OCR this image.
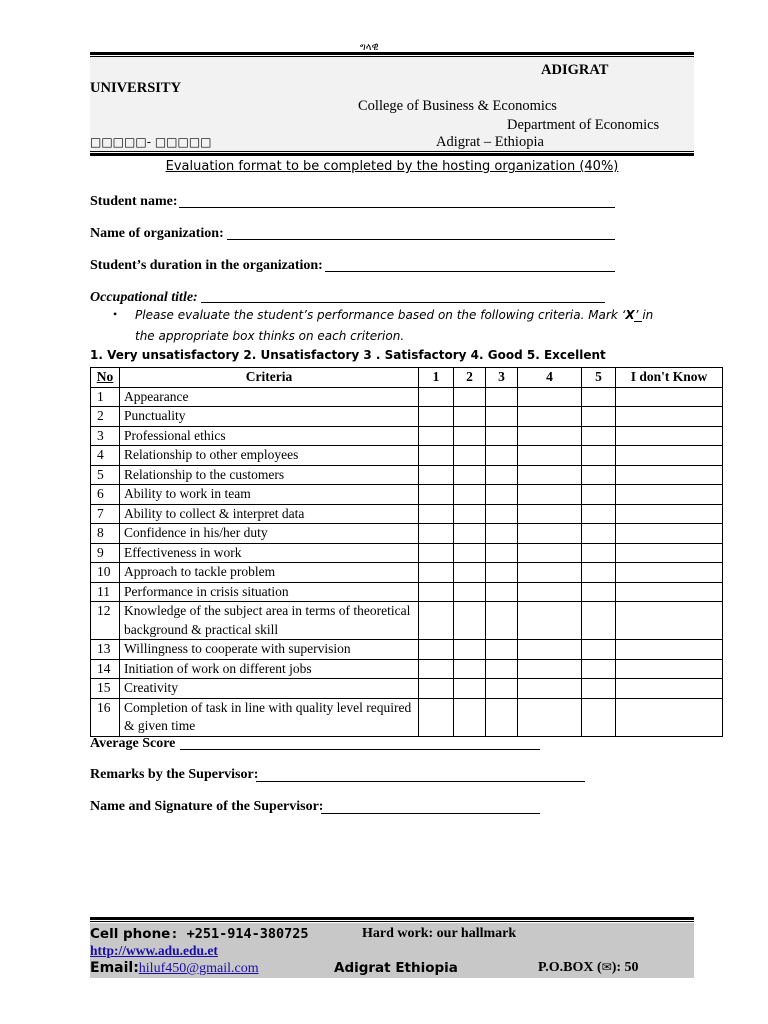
ግላዊ
ADIGRAT
UNIVERSITY
College of Business & Economics
Department of Economics
□□□□□- □□□□□	Adigrat – Ethiopia
Evaluation format to be completed by the hosting organization (40%)
Student name:
Name of organization:
Student’s duration in the organization:
Occupational title:
• Please evaluate the student’s performance based on the following criteria. Mark ‘X’ in the appropriate box thinks on each criterion.
1. Very unsatisfactory 2. Unsatisfactory 3 . Satisfactory 4. Good 5. Excellent
No	Criteria	1	2	3	4	5	I don't Know
1	Appearance						
2	Punctuality						
3	Professional ethics						
4	Relationship to other employees						
5	Relationship to the customers						
6	Ability to work in team						
7	Ability to collect & interpret data						
8	Confidence in his/her duty						
9	Effectiveness in work						
10	Approach to tackle problem						
11	Performance in crisis situation						
12	Knowledge of the subject area in terms of theoretical background & practical skill						
13	Willingness to cooperate with supervision						
14	Initiation of work on different jobs						
15	Creativity						
16	Completion of task in line with quality level required & given time						
Average Score
Remarks by the Supervisor:
Name and Signature of the Supervisor:
Cell phone: +251-914-380725	Hard work: our hallmark
http://www.adu.edu.et
Email:hiluf450@gmail.com	Adigrat Ethiopia	P.O.BOX (✉): 50
